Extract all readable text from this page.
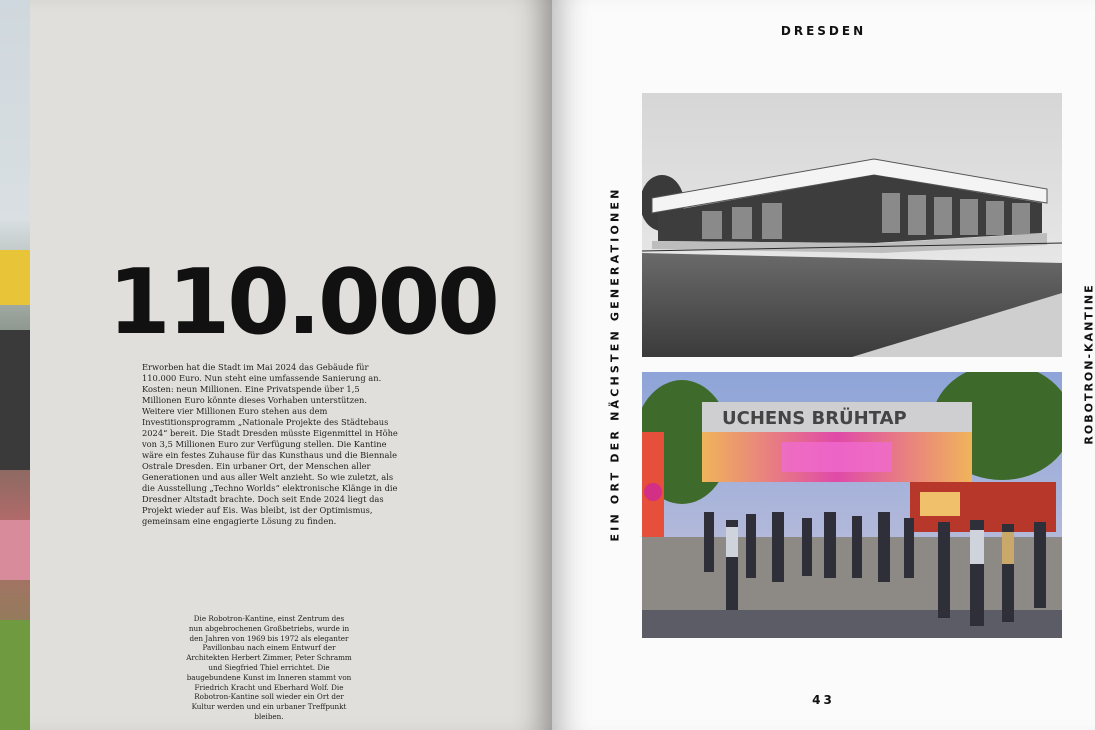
110.000

Erworben hat die Stadt im Mai 2024 das Gebäude für 110.000 Euro. Nun steht eine umfassende Sanierung an. Kosten: neun Millionen. Eine Privatspende über 1,5 Millionen Euro könnte dieses Vorhaben unterstützen. Weitere vier Millionen Euro stehen aus dem Investitionsprogramm „Nationale Projekte des Städtebaus 2024“ bereit. Die Stadt Dresden müsste Eigenmittel in Höhe von 3,5 Millionen Euro zur Verfügung stellen. Die Kantine wäre ein festes Zuhause für das Kunsthaus und die Biennale Ostrale Dresden. Ein urbaner Ort, der Menschen aller Generationen und aus aller Welt anzieht. So wie zuletzt, als die Ausstellung „Techno Worlds“ elektronische Klänge in die Dresdner Altstadt brachte. Doch seit Ende 2024 liegt das Projekt wieder auf Eis. Was bleibt, ist der Optimismus, gemeinsam eine engagierte Lösung zu finden.

Die Robotron-Kantine, einst Zentrum des nun abgebrochenen Großbetriebs, wurde in den Jahren von 1969 bis 1972 als eleganter Pavillonbau nach einem Entwurf der Architekten Herbert Zimmer, Peter Schramm und Siegfried Thiel errichtet. Die baugebundene Kunst im Inneren stammt von Friedrich Kracht und Eberhard Wolf. Die Robotron-Kantine soll wieder ein Ort der Kultur werden und ein urbaner Treffpunkt bleiben.

DRESDEN
EIN ORT DER NÄCHSTEN GENERATIONEN	ROBOTRON-KANTINE
43
UCHENS BRÜHTAP
